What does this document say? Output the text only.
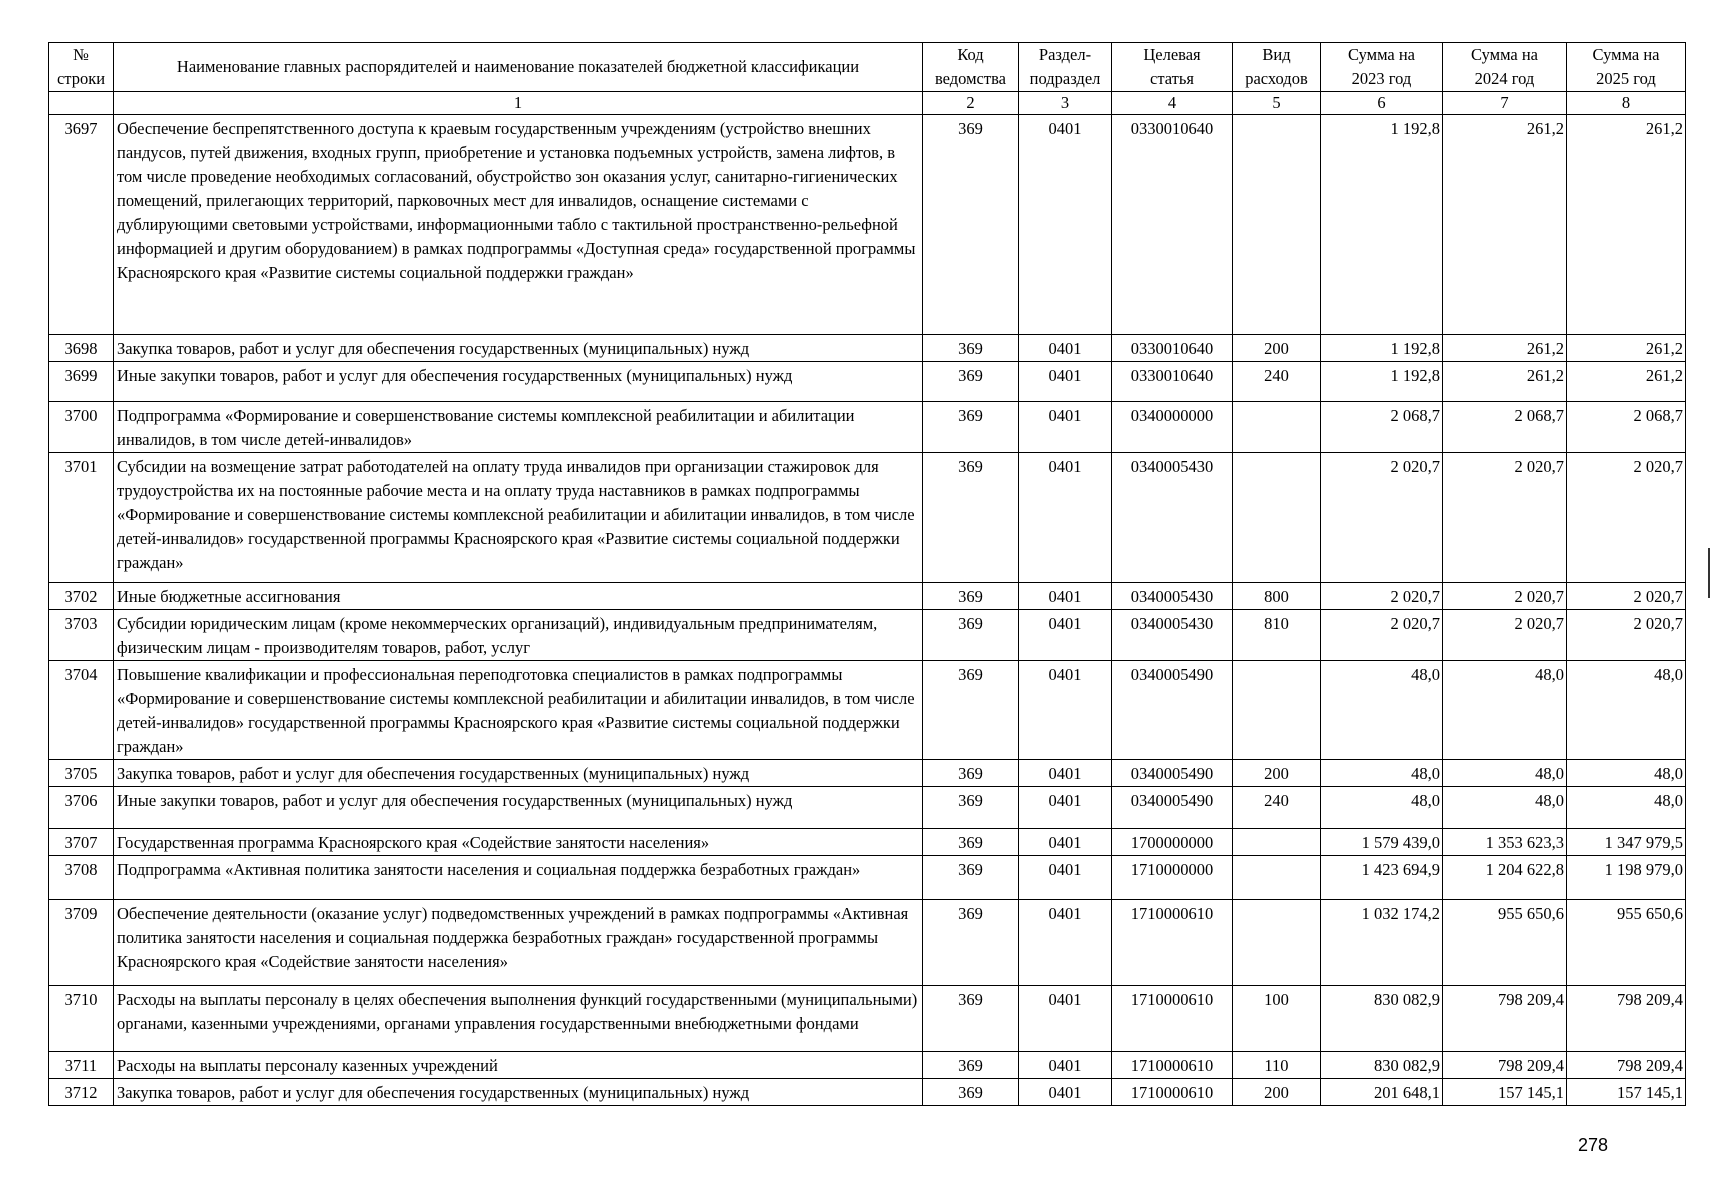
№ строки	Наименование главных распорядителей и наименование показателей бюджетной классификации	Код ведомства	Раздел-подраздел	Целевая статья	Вид расходов	Сумма на 2023 год	Сумма на 2024 год	Сумма на 2025 год
	1	2	3	4	5	6	7	8
3697	Обеспечение беспрепятственного доступа к краевым государственным учреждениям (устройство внешних пандусов, путей движения, входных групп, приобретение и установка подъемных устройств, замена лифтов, в том числе проведение необходимых согласований, обустройство зон оказания услуг, санитарно-гигиенических помещений, прилегающих территорий, парковочных мест для инвалидов, оснащение системами с дублирующими световыми устройствами, информационными табло с тактильной пространственно-рельефной информацией и другим оборудованием) в рамках подпрограммы «Доступная среда» государственной программы Красноярского края «Развитие системы социальной поддержки граждан»	369	0401	0330010640		1 192,8	261,2	261,2
3698	Закупка товаров, работ и услуг для обеспечения государственных (муниципальных) нужд	369	0401	0330010640	200	1 192,8	261,2	261,2
3699	Иные закупки товаров, работ и услуг для обеспечения государственных (муниципальных) нужд	369	0401	0330010640	240	1 192,8	261,2	261,2
3700	Подпрограмма «Формирование и совершенствование системы комплексной реабилитации и абилитации инвалидов, в том числе детей-инвалидов»	369	0401	0340000000		2 068,7	2 068,7	2 068,7
3701	Субсидии на возмещение затрат работодателей на оплату труда инвалидов при организации стажировок для трудоустройства их на постоянные рабочие места и на оплату труда наставников в рамках подпрограммы «Формирование и совершенствование системы комплексной реабилитации и абилитации инвалидов, в том числе детей-инвалидов» государственной программы Красноярского края «Развитие системы социальной поддержки граждан»	369	0401	0340005430		2 020,7	2 020,7	2 020,7
3702	Иные бюджетные ассигнования	369	0401	0340005430	800	2 020,7	2 020,7	2 020,7
3703	Субсидии юридическим лицам (кроме некоммерческих организаций), индивидуальным предпринимателям, физическим лицам - производителям товаров, работ, услуг	369	0401	0340005430	810	2 020,7	2 020,7	2 020,7
3704	Повышение квалификации и профессиональная переподготовка специалистов в рамках подпрограммы «Формирование и совершенствование системы комплексной реабилитации и абилитации инвалидов, в том числе детей-инвалидов» государственной программы Красноярского края «Развитие системы социальной поддержки граждан»	369	0401	0340005490		48,0	48,0	48,0
3705	Закупка товаров, работ и услуг для обеспечения государственных (муниципальных) нужд	369	0401	0340005490	200	48,0	48,0	48,0
3706	Иные закупки товаров, работ и услуг для обеспечения государственных (муниципальных) нужд	369	0401	0340005490	240	48,0	48,0	48,0
3707	Государственная программа Красноярского края «Содействие занятости населения»	369	0401	1700000000		1 579 439,0	1 353 623,3	1 347 979,5
3708	Подпрограмма «Активная политика занятости населения и социальная поддержка безработных граждан»	369	0401	1710000000		1 423 694,9	1 204 622,8	1 198 979,0
3709	Обеспечение деятельности (оказание услуг) подведомственных учреждений в рамках подпрограммы «Активная политика занятости населения и социальная поддержка безработных граждан» государственной программы Красноярского края «Содействие занятости населения»	369	0401	1710000610		1 032 174,2	955 650,6	955 650,6
3710	Расходы на выплаты персоналу в целях обеспечения выполнения функций государственными (муниципальными) органами, казенными учреждениями, органами управления государственными внебюджетными фондами	369	0401	1710000610	100	830 082,9	798 209,4	798 209,4
3711	Расходы на выплаты персоналу казенных учреждений	369	0401	1710000610	110	830 082,9	798 209,4	798 209,4
3712	Закупка товаров, работ и услуг для обеспечения государственных (муниципальных) нужд	369	0401	1710000610	200	201 648,1	157 145,1	157 145,1
278
